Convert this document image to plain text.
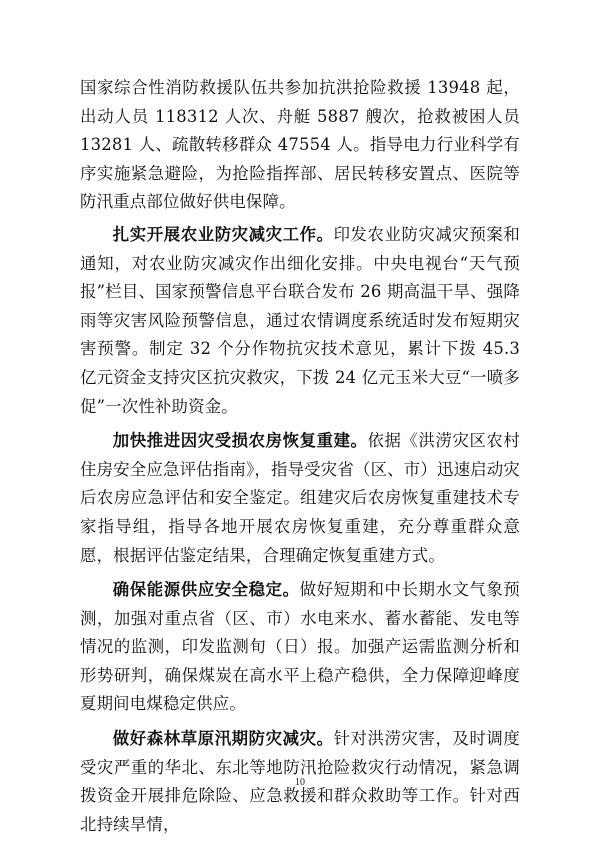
国家综合性消防救援队伍共参加抗洪抢险救援 13948 起，出动人员 118312 人次、舟艇 5887 艘次，抢救被困人员 13281 人、疏散转移群众 47554 人。指导电力行业科学有序实施紧急避险，为抢险指挥部、居民转移安置点、医院等防汛重点部位做好供电保障。

扎实开展农业防灾减灾工作。印发农业防灾减灾预案和通知，对农业防灾减灾作出细化安排。中央电视台“天气预报”栏目、国家预警信息平台联合发布 26 期高温干旱、强降雨等灾害风险预警信息，通过农情调度系统适时发布短期灾害预警。制定 32 个分作物抗灾技术意见，累计下拨 45.3 亿元资金支持灾区抗灾救灾，下拨 24 亿元玉米大豆“一喷多促”一次性补助资金。

加快推进因灾受损农房恢复重建。依据《洪涝灾区农村住房安全应急评估指南》，指导受灾省（区、市）迅速启动灾后农房应急评估和安全鉴定。组建灾后农房恢复重建技术专家指导组，指导各地开展农房恢复重建，充分尊重群众意愿，根据评估鉴定结果，合理确定恢复重建方式。

确保能源供应安全稳定。做好短期和中长期水文气象预测，加强对重点省（区、市）水电来水、蓄水蓄能、发电等情况的监测，印发监测旬（日）报。加强产运需监测分析和形势研判，确保煤炭在高水平上稳产稳供，全力保障迎峰度夏期间电煤稳定供应。

做好森林草原汛期防灾减灾。针对洪涝灾害，及时调度受灾严重的华北、东北等地防汛抢险救灾行动情况，紧急调拨资金开展排危除险、应急救援和群众救助等工作。针对西北持续旱情，

10
